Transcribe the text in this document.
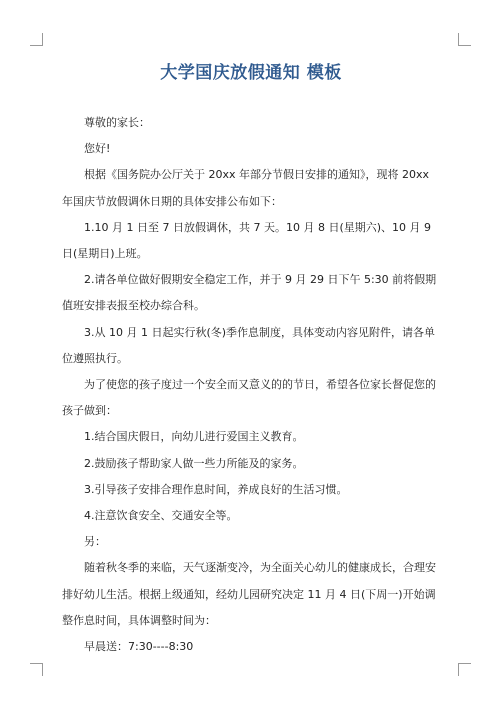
大学国庆放假通知 模板

尊敬的家长：

您好!

根据《国务院办公厅关于 20xx 年部分节假日安排的通知》，现将 20xx 年国庆节放假调休日期的具体安排公布如下：

1.10 月 1 日至 7 日放假调休，共 7 天。10 月 8 日(星期六)、10 月 9 日(星期日)上班。

2.请各单位做好假期安全稳定工作，并于 9 月 29 日下午 5:30 前将假期值班安排表报至校办综合科。

3.从 10 月 1 日起实行秋(冬)季作息制度，具体变动内容见附件，请各单位遵照执行。

为了使您的孩子度过一个安全而又意义的的节日，希望各位家长督促您的孩子做到：

1.结合国庆假日，向幼儿进行爱国主义教育。

2.鼓励孩子帮助家人做一些力所能及的家务。

3.引导孩子安排合理作息时间，养成良好的生活习惯。

4.注意饮食安全、交通安全等。

另：

随着秋冬季的来临，天气逐渐变冷，为全面关心幼儿的健康成长，合理安排好幼儿生活。根据上级通知，经幼儿园研究决定 11 月 4 日(下周一)开始调整作息时间，具体调整时间为：

早晨送：7:30----8:30
